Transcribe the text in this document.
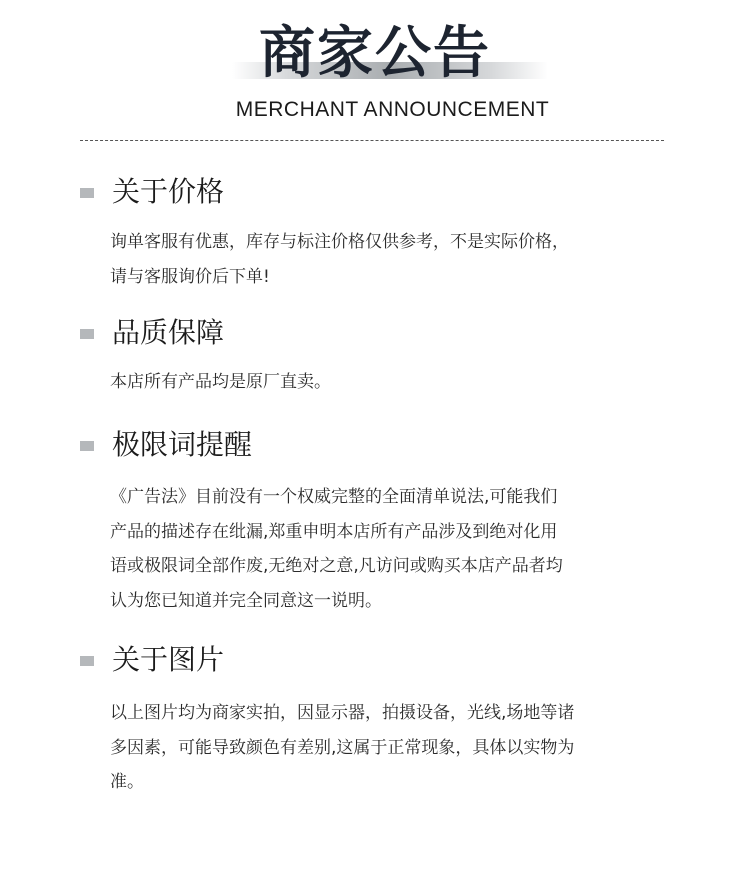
商家公告
MERCHANT ANNOUNCEMENT
关于价格
询单客服有优惠，库存与标注价格仅供参考，不是实际价格，
请与客服询价后下单!
品质保障
本店所有产品均是原厂直卖。
极限词提醒
《广告法》目前没有一个权威完整的全面清单说法,可能我们
产品的描述存在纰漏,郑重申明本店所有产品涉及到绝对化用
语或极限词全部作废,无绝对之意,凡访问或购买本店产品者均
认为您已知道并完全同意这一说明。
关于图片
以上图片均为商家实拍，因显示器，拍摄设备，光线,场地等诸
多因素，可能导致颜色有差别,这属于正常现象，具体以实物为
准。
